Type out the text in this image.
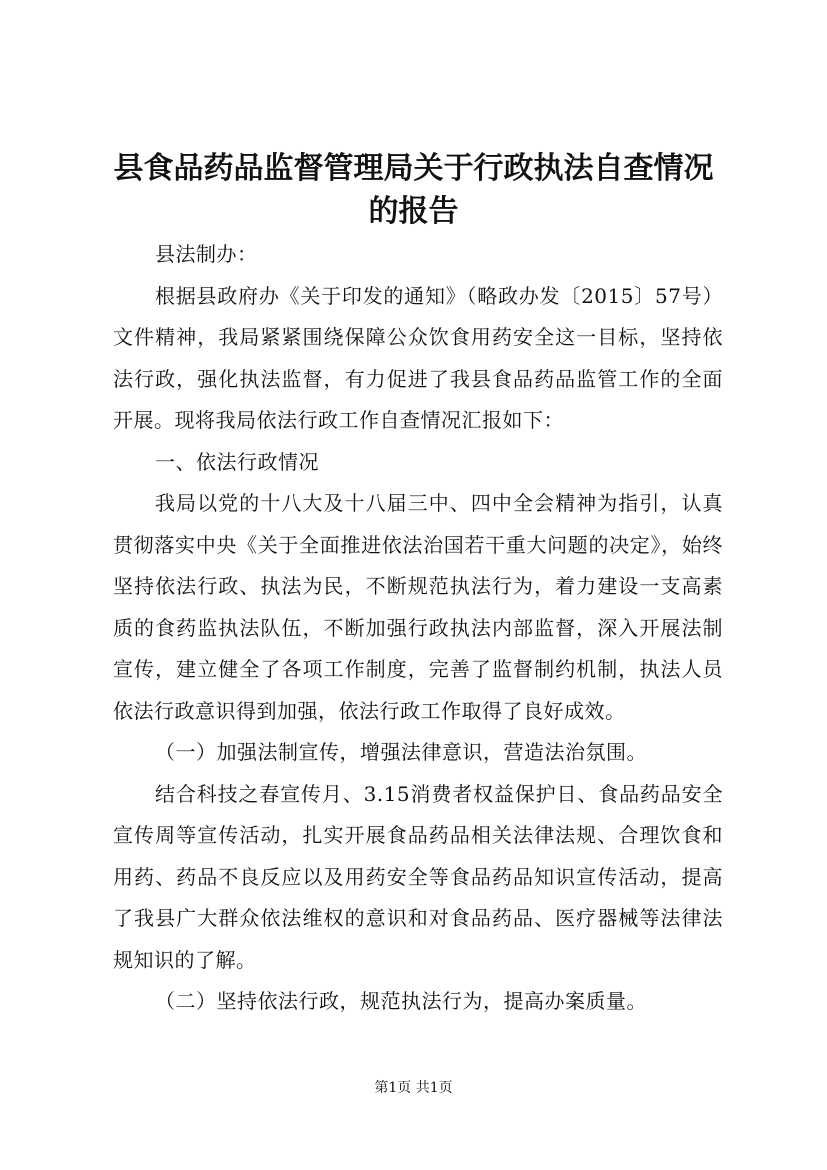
县食品药品监督管理局关于行政执法自查情况
的报告

县法制办：

根据县政府办《关于印发的通知》（略政办发〔2015〕57号）文件精神，我局紧紧围绕保障公众饮食用药安全这一目标，坚持依法行政，强化执法监督，有力促进了我县食品药品监管工作的全面开展。现将我局依法行政工作自查情况汇报如下：

一、依法行政情况

我局以党的十八大及十八届三中、四中全会精神为指引，认真贯彻落实中央《关于全面推进依法治国若干重大问题的决定》，始终坚持依法行政、执法为民，不断规范执法行为，着力建设一支高素质的食药监执法队伍，不断加强行政执法内部监督，深入开展法制宣传，建立健全了各项工作制度，完善了监督制约机制，执法人员依法行政意识得到加强，依法行政工作取得了良好成效。

（一）加强法制宣传，增强法律意识，营造法治氛围。

结合科技之春宣传月、3.15消费者权益保护日、食品药品安全宣传周等宣传活动，扎实开展食品药品相关法律法规、合理饮食和用药、药品不良反应以及用药安全等食品药品知识宣传活动，提高了我县广大群众依法维权的意识和对食品药品、医疗器械等法律法规知识的了解。

（二）坚持依法行政，规范执法行为，提高办案质量。

第1页 共1页
